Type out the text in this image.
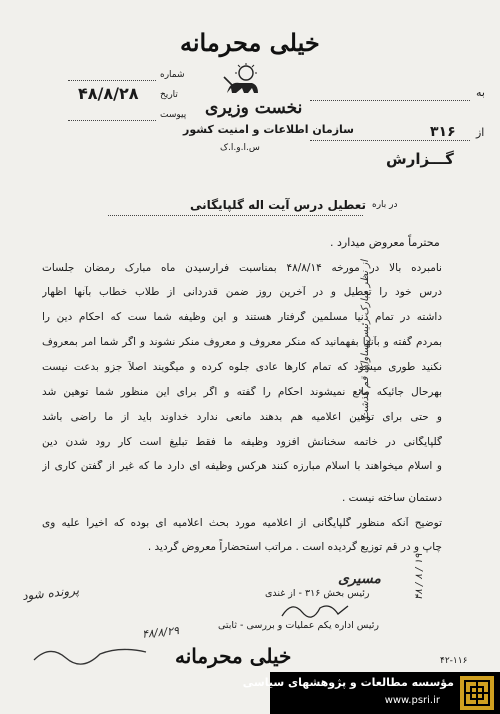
خیلی محرمانه
نخست وزیری
سازمان اطلاعات و امنیت کشور
س.ا.و.ا.ک
شماره
تاریخ
۴۸/۸/۲۸
پیوست
به
از
۳۱۶
گـــزارش
در باره
تعطیل درس آیت اله گلپایگانی
محترماً معروض میدارد .
نامبرده بالا در مورخه ۴۸/۸/۱۴ بمناسبت فرارسیدن ماه مبارک رمضان جلسات
درس خود را تعطیل و در آخرین روز ضمن قدردانی از طلاب خطاب بآنها اظهار
داشته در تمام دنیا مسلمین گرفتار هستند و این وظیفه شما ست که احکام دین را
بمردم گفته و بآنها بفهمانید که منکر معروف و معروف منکر نشوند و اگر شما امر بمعروف
نکنید طوری میشود که تمام کارها عادی جلوه کرده و میگویند اصلاً جزو بدعت نیست
بهرحال جائیکه مانع نمیشوند احکام را گفته و اگر برای این منظور شما توهین شد
و حتی برای توهین اعلامیه هم بدهند مانعی ندارد خداوند باید از ما راضی باشد
گلپایگانی در خاتمه سخنانش افزود وظیفه ما فقط تبلیغ است کار رود شدن دین
و اسلام میخواهند با اسلام مبارزه کنند هرکس وظیفه ای دارد ما که غیر از گفتن کاری از
دستمان ساخته نیست .
توضیح آنکه منظور گلپایگانی از اعلامیه مورد بحث اعلامیه ای بوده که اخیراً علیه وی
چاپ و در قم توزیع گردیده است . مراتب استحضاراً معروض گردید .
از نظر مبارک رئیس ساواک قم گذشت
۱۹ / ۸ / ۴۸
مسیری
رئیس بخش ۳۱۶ - از غندی
رئیس اداره یکم عملیات و بررسی - ثابتی
پرونده شود
۴۸/۸/۲۹
خیلی محرمانه	۴۲-۱۱۶
مؤسسه مطالعات و پژوهشهای سیاسی
www.psri.ir
